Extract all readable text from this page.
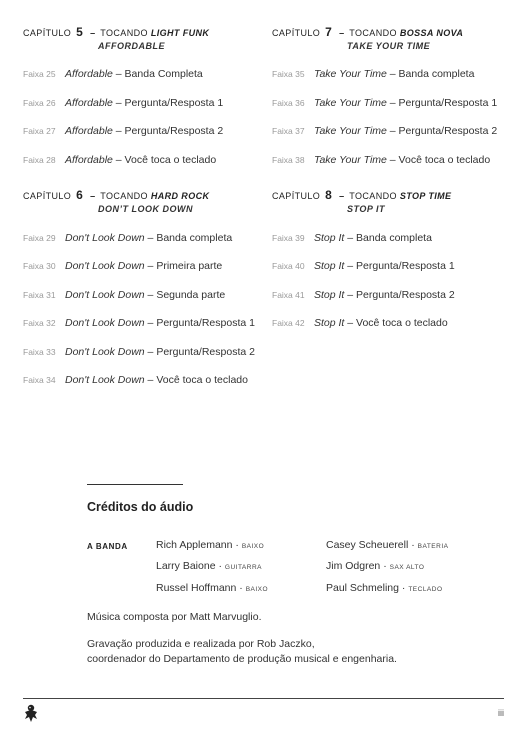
CAPÍTULO 5 – TOCANDO LIGHT FUNK
AFFORDABLE
Faixa 25 Affordable – Banda Completa
Faixa 26 Affordable – Pergunta/Resposta 1
Faixa 27 Affordable – Pergunta/Resposta 2
Faixa 28 Affordable – Você toca o teclado
CAPÍTULO 6 – TOCANDO HARD ROCK
DON’T LOOK DOWN
Faixa 29 Don't Look Down – Banda completa
Faixa 30 Don't Look Down – Primeira parte
Faixa 31 Don't Look Down – Segunda parte
Faixa 32 Don't Look Down – Pergunta/Resposta 1
Faixa 33 Don't Look Down – Pergunta/Resposta 2
Faixa 34 Don't Look Down – Você toca o teclado
CAPÍTULO 7 – TOCANDO BOSSA NOVA
TAKE YOUR TIME
Faixa 35 Take Your Time – Banda completa
Faixa 36 Take Your Time – Pergunta/Resposta 1
Faixa 37 Take Your Time – Pergunta/Resposta 2
Faixa 38 Take Your Time – Você toca o teclado
CAPÍTULO 8 – TOCANDO STOP TIME
STOP IT
Faixa 39 Stop It – Banda completa
Faixa 40 Stop It – Pergunta/Resposta 1
Faixa 41 Stop It – Pergunta/Resposta 2
Faixa 42 Stop It – Você toca o teclado
Créditos do áudio
A BANDA	Rich Applemann · BAIXO
Larry Baione · GUITARRA
Russel Hoffmann · BAIXO
Casey Scheuerell · BATERIA
Jim Odgren · SAX ALTO
Paul Schmeling · TECLADO
Música composta por Matt Marvuglio.
Gravação produzida e realizada por Rob Jaczko,
coordenador do Departamento de produção musical e engenharia.
iii
